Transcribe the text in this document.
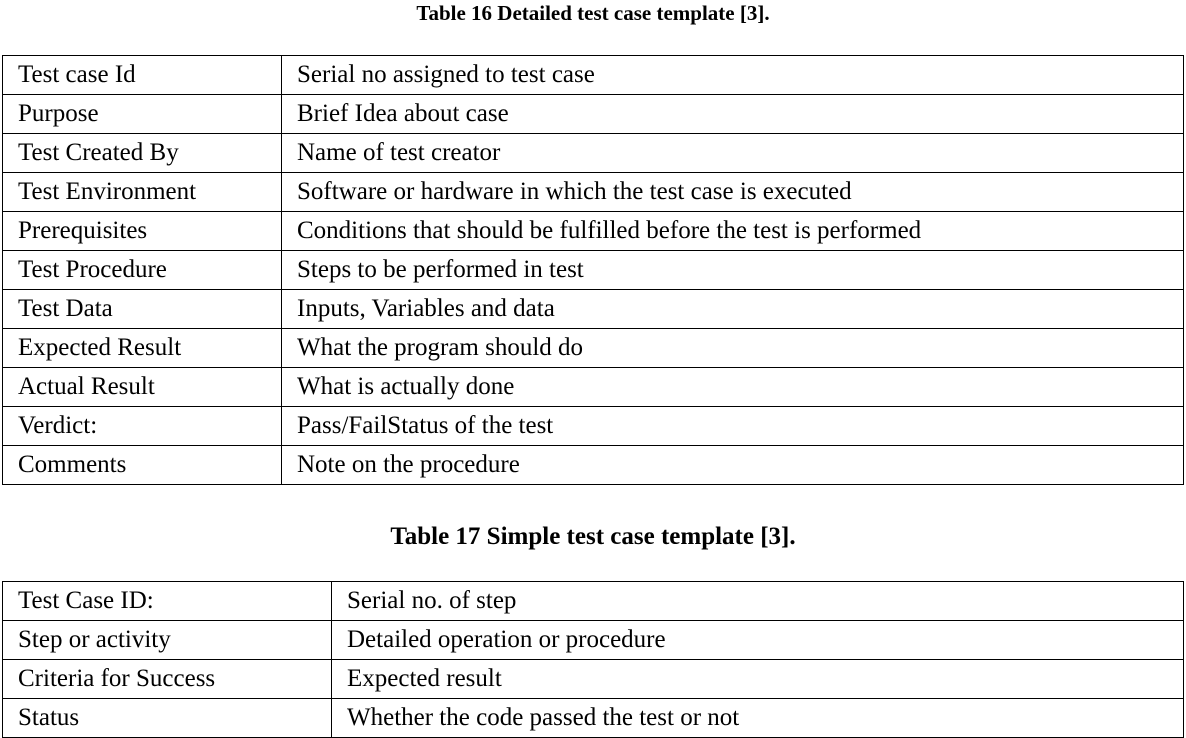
Table 16 Detailed test case template [3].
Test case Id	Serial no assigned to test case
Purpose	Brief Idea about case
Test Created By	Name of test creator
Test Environment	Software or hardware in which the test case is executed
Prerequisites	Conditions that should be fulfilled before the test is performed
Test Procedure	Steps to be performed in test
Test Data	Inputs, Variables and data
Expected Result	What the program should do
Actual Result	What is actually done
Verdict:	Pass/FailStatus of the test
Comments	Note on the procedure
Table 17 Simple test case template [3].
Test Case ID:	Serial no. of step
Step or activity	Detailed operation or procedure
Criteria for Success	Expected result
Status	Whether the code passed the test or not
